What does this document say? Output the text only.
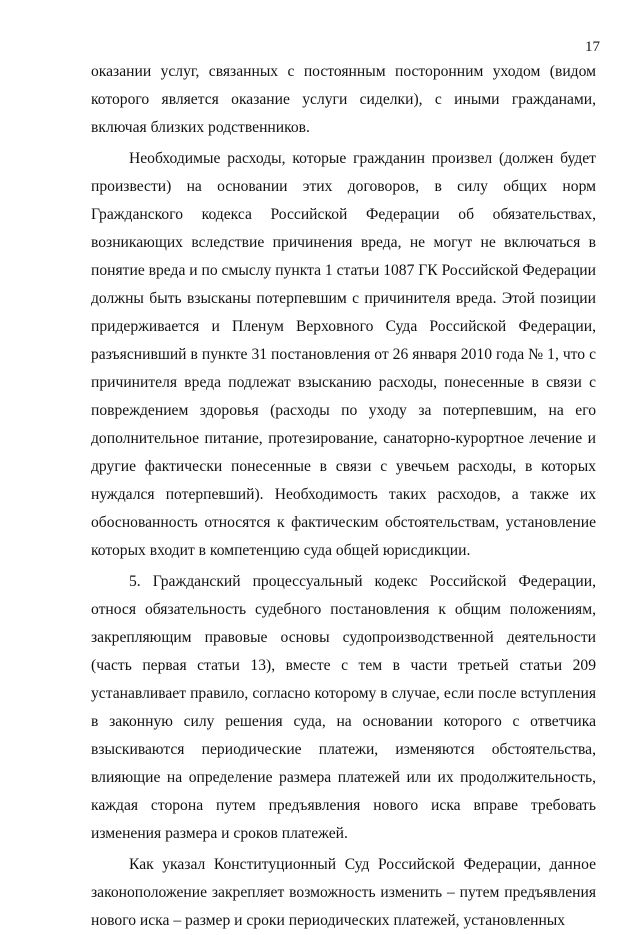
17

оказании услуг, связанных с постоянным посторонним уходом (видом которого является оказание услуги сиделки), с иными гражданами, включая близких родственников.

Необходимые расходы, которые гражданин произвел (должен будет произвести) на основании этих договоров, в силу общих норм Гражданского кодекса Российской Федерации об обязательствах, возникающих вследствие причинения вреда, не могут не включаться в понятие вреда и по смыслу пункта 1 статьи 1087 ГК Российской Федерации должны быть взысканы потерпевшим с причинителя вреда. Этой позиции придерживается и Пленум Верховного Суда Российской Федерации, разъяснивший в пункте 31 постановления от 26 января 2010 года № 1, что с причинителя вреда подлежат взысканию расходы, понесенные в связи с повреждением здоровья (расходы по уходу за потерпевшим, на его дополнительное питание, протезирование, санаторно-курортное лечение и другие фактически понесенные в связи с увечьем расходы, в которых нуждался потерпевший). Необходимость таких расходов, а также их обоснованность относятся к фактическим обстоятельствам, установление которых входит в компетенцию суда общей юрисдикции.

5. Гражданский процессуальный кодекс Российской Федерации, относя обязательность судебного постановления к общим положениям, закрепляющим правовые основы судопроизводственной деятельности (часть первая статьи 13), вместе с тем в части третьей статьи 209 устанавливает правило, согласно которому в случае, если после вступления в законную силу решения суда, на основании которого с ответчика взыскиваются периодические платежи, изменяются обстоятельства, влияющие на определение размера платежей или их продолжительность, каждая сторона путем предъявления нового иска вправе требовать изменения размера и сроков платежей.

Как указал Конституционный Суд Российской Федерации, данное законоположение закрепляет возможность изменить – путем предъявления нового иска – размер и сроки периодических платежей, установленных
